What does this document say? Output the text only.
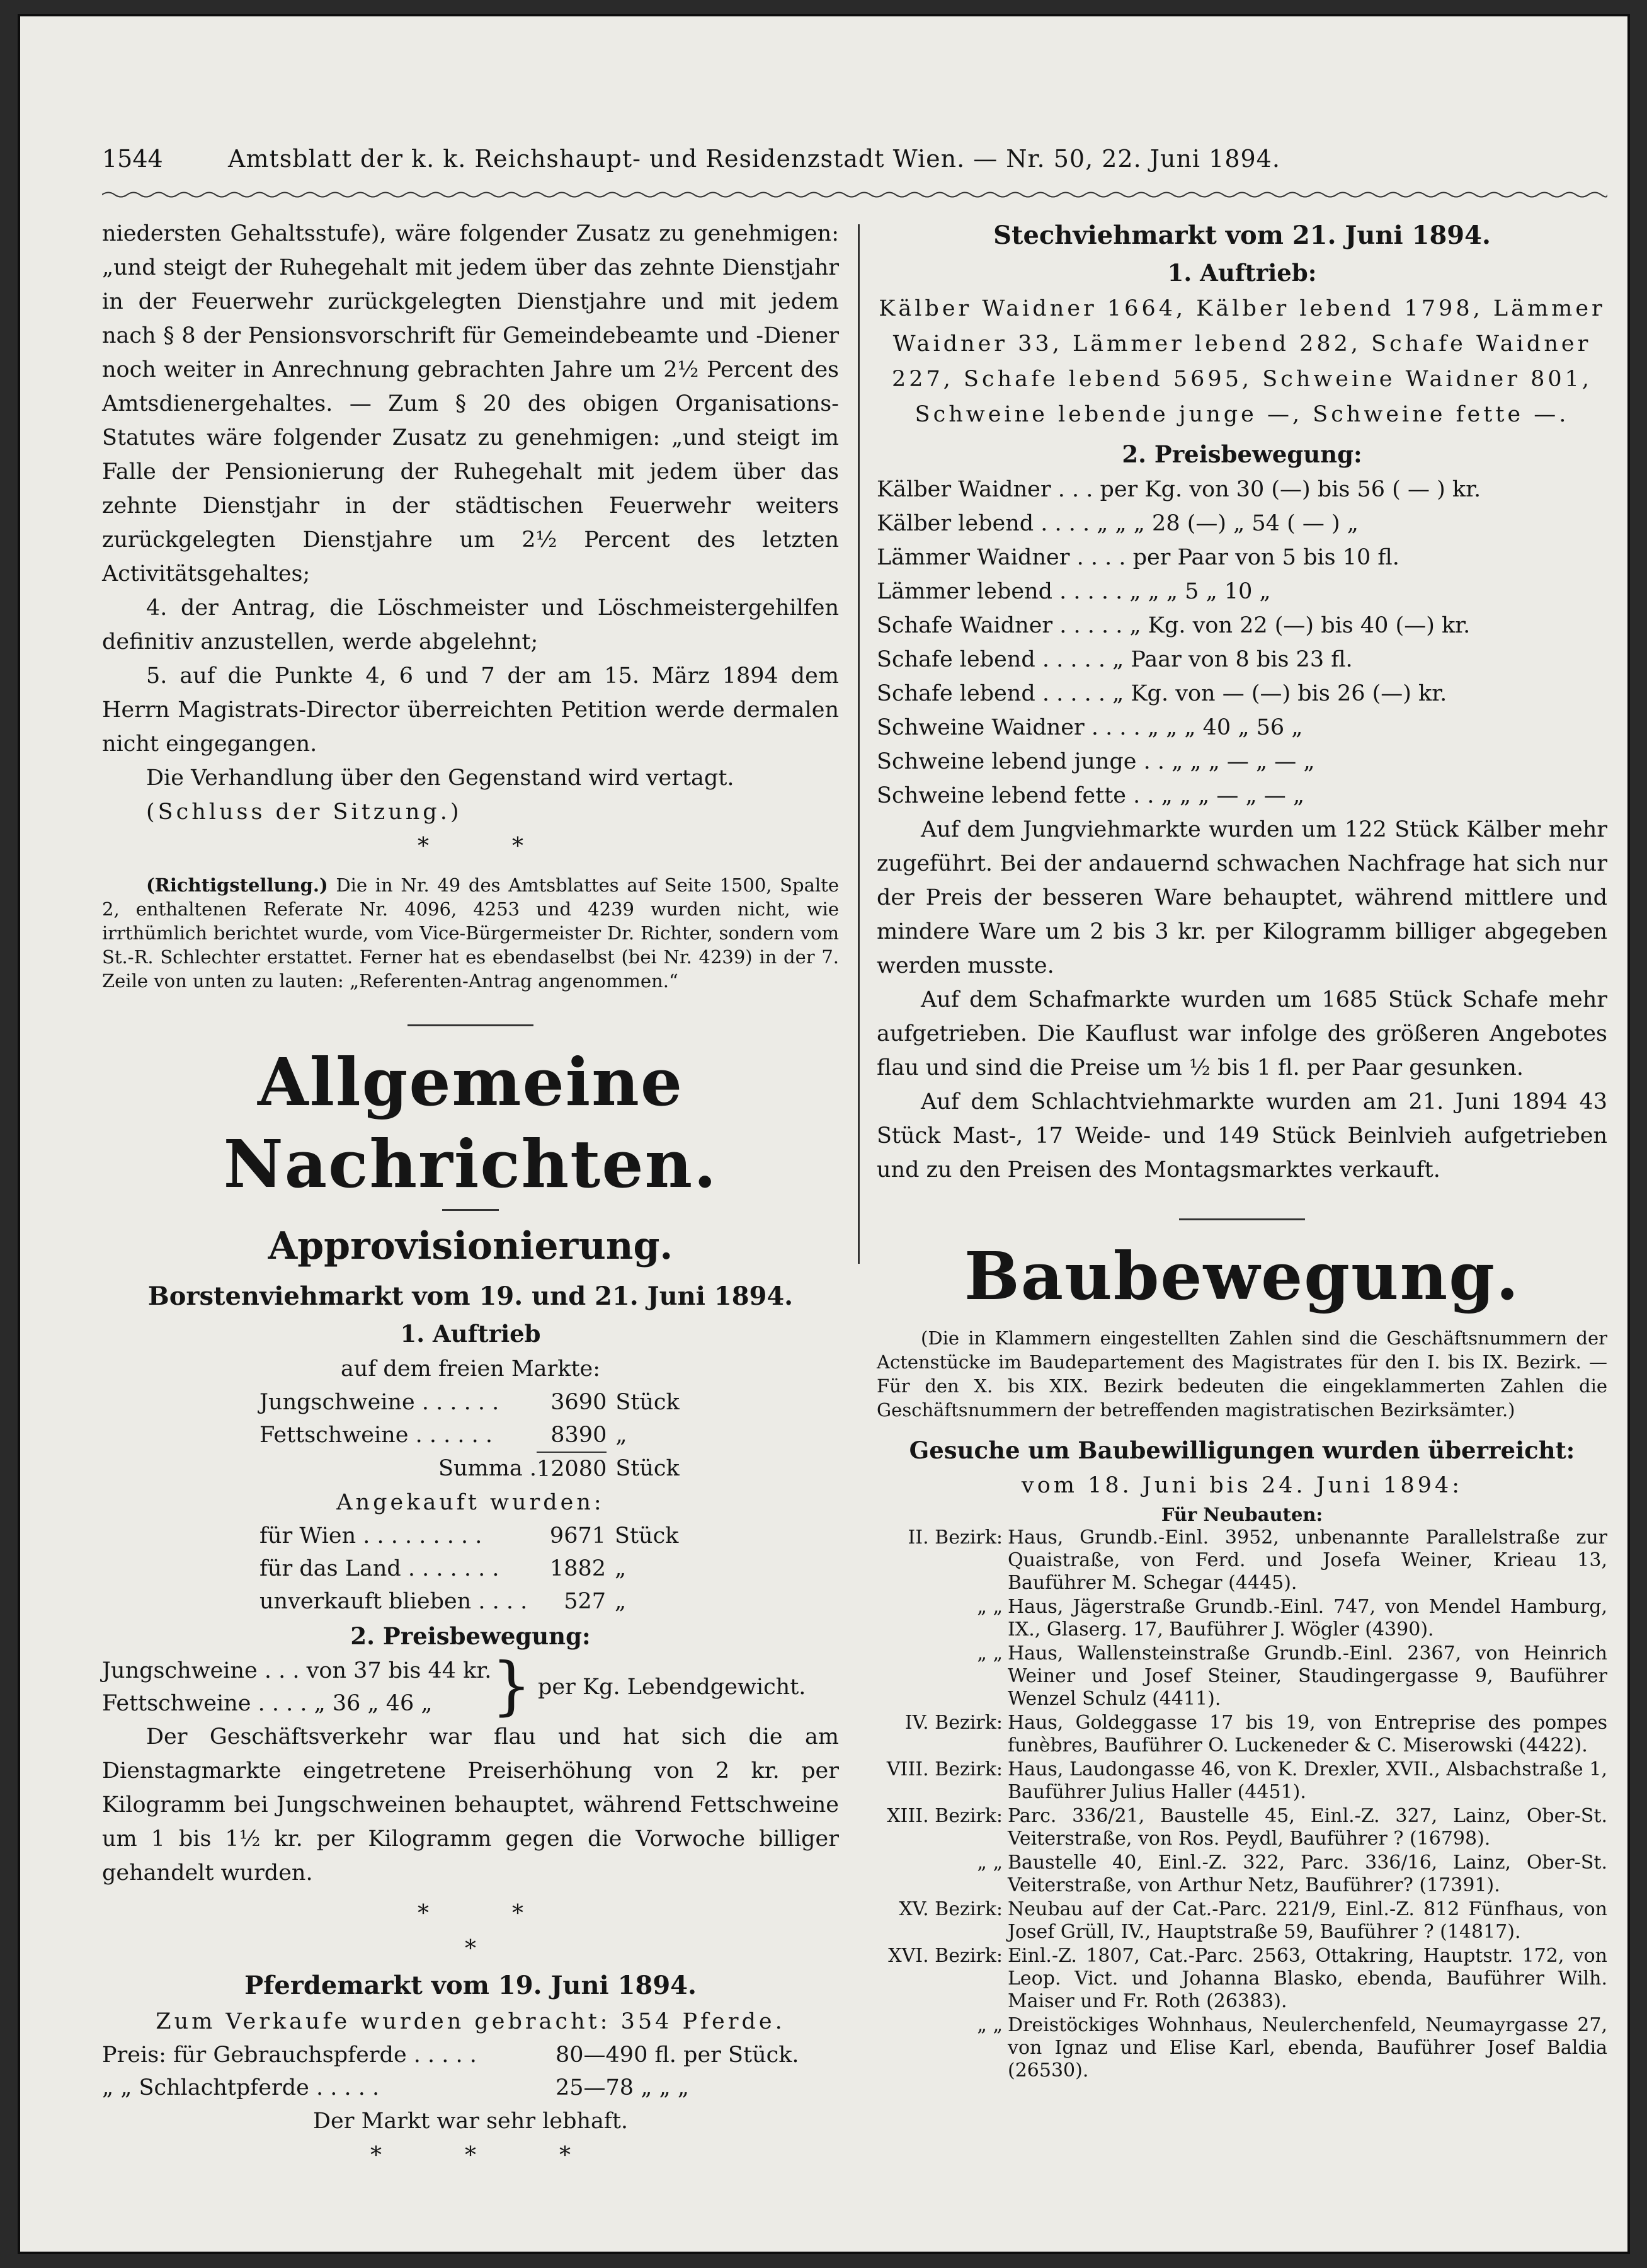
1544	Amtsblatt der k. k. Reichshaupt- und Residenzstadt Wien. — Nr. 50, 22. Juni 1894.

niedersten Gehaltsstufe), wäre folgender Zusatz zu genehmigen: „und steigt der Ruhegehalt mit jedem über das zehnte Dienstjahr in der Feuerwehr zurückgelegten Dienstjahre und mit jedem nach § 8 der Pensionsvorschrift für Gemeindebeamte und -Diener noch weiter in Anrechnung gebrachten Jahre um 2½ Percent des Amtsdienergehaltes. — Zum § 20 des obigen Organisations-Statutes wäre folgender Zusatz zu genehmigen: „und steigt im Falle der Pensionierung der Ruhegehalt mit jedem über das zehnte Dienstjahr in der städtischen Feuerwehr weiters zurückgelegten Dienstjahre um 2½ Percent des letzten Activitätsgehaltes;

4. der Antrag, die Löschmeister und Löschmeistergehilfen definitiv anzustellen, werde abgelehnt;

5. auf die Punkte 4, 6 und 7 der am 15. März 1894 dem Herrn Magistrats-Director überreichten Petition werde dermalen nicht eingegangen.

Die Verhandlung über den Gegenstand wird vertagt.

(Schluss der Sitzung.)

*	*

(Richtigstellung.) Die in Nr. 49 des Amtsblattes auf Seite 1500, Spalte 2, enthaltenen Referate Nr. 4096, 4253 und 4239 wurden nicht, wie irrthümlich berichtet wurde, vom Vice-Bürgermeister Dr. Richter, sondern vom St.-R. Schlechter erstattet. Ferner hat es ebendaselbst (bei Nr. 4239) in der 7. Zeile von unten zu lauten: „Referenten-Antrag angenommen.“

Allgemeine Nachrichten.
Approvisionierung.
Borstenviehmarkt vom 19. und 21. Juni 1894.
1. Auftrieb

auf dem freien Markte:

Jungschweine . . . . . .	3690	Stück
Fettschweine . . . . . .	8390	„
Summa .	12080	Stück

Angekauft wurden:

für Wien . . . . . . . . .	9671	Stück
für das Land . . . . . . .	1882	„
unverkauft blieben . . . .	527	„
2. Preisbewegung:
Jungschweine . . . von 37 bis 44 kr.
Fettschweine . . . . „ 36 „ 46 „	}	per Kg. Lebendgewicht.

Der Geschäftsverkehr war flau und hat sich die am Dienstagmarkte eingetretene Preiserhöhung von 2 kr. per Kilogramm bei Jungschweinen behauptet, während Fettschweine um 1 bis 1½ kr. per Kilogramm gegen die Vorwoche billiger gehandelt wurden.

*	*
*
Pferdemarkt vom 19. Juni 1894.

Zum Verkaufe wurden gebracht: 354 Pferde.

Preis: für Gebrauchspferde . . . . .	80—490 fl. per Stück.
„ „ Schlachtpferde . . . . .	25—78 „ „ „

Der Markt war sehr lebhaft.

*	*	*
Stechviehmarkt vom 21. Juni 1894.
1. Auftrieb:

Kälber Waidner 1664, Kälber lebend 1798, Lämmer Waidner 33, Lämmer lebend 282, Schafe Waidner 227, Schafe lebend 5695, Schweine Waidner 801, Schweine lebende junge —, Schweine fette —.

2. Preisbewegung:
Kälber Waidner . . . per Kg. von 30 (—) bis 56 ( — ) kr.
Kälber lebend . . . . „ „ „ 28 (—) „ 54 ( — ) „
Lämmer Waidner . . . . per Paar von 5 bis 10 fl.
Lämmer lebend . . . . . „ „ „ 5 „ 10 „
Schafe Waidner . . . . . „ Kg. von 22 (—) bis 40 (—) kr.
Schafe lebend . . . . . „ Paar von 8 bis 23 fl.
Schafe lebend . . . . . „ Kg. von — (—) bis 26 (—) kr.
Schweine Waidner . . . . „ „ „ 40 „ 56 „
Schweine lebend junge . . „ „ „ — „ — „
Schweine lebend fette . . „ „ „ — „ — „

Auf dem Jungviehmarkte wurden um 122 Stück Kälber mehr zugeführt. Bei der andauernd schwachen Nachfrage hat sich nur der Preis der besseren Ware behauptet, während mittlere und mindere Ware um 2 bis 3 kr. per Kilogramm billiger abgegeben werden musste.

Auf dem Schafmarkte wurden um 1685 Stück Schafe mehr aufgetrieben. Die Kauflust war infolge des größeren Angebotes flau und sind die Preise um ½ bis 1 fl. per Paar gesunken.

Auf dem Schlachtviehmarkte wurden am 21. Juni 1894 43 Stück Mast-, 17 Weide- und 149 Stück Beinlvieh aufgetrieben und zu den Preisen des Montagsmarktes verkauft.

Baubewegung.

(Die in Klammern eingestellten Zahlen sind die Geschäftsnummern der Actenstücke im Baudepartement des Magistrates für den I. bis IX. Bezirk. — Für den X. bis XIX. Bezirk bedeuten die eingeklammerten Zahlen die Geschäftsnummern der betreffenden magistratischen Bezirksämter.)

Gesuche um Baubewilligungen wurden überreicht:

vom 18. Juni bis 24. Juni 1894:

Für Neubauten:

II. Bezirk: Haus, Grundb.-Einl. 3952, unbenannte Parallelstraße zur Quaistraße, von Ferd. und Josefa Weiner, Krieau 13, Bauführer M. Schegar (4445).
„ „ Haus, Jägerstraße Grundb.-Einl. 747, von Mendel Hamburg, IX., Glaserg. 17, Bauführer J. Wögler (4390).
„ „ Haus, Wallensteinstraße Grundb.-Einl. 2367, von Heinrich Weiner und Josef Steiner, Staudingergasse 9, Bauführer Wenzel Schulz (4411).
IV. Bezirk: Haus, Goldeggasse 17 bis 19, von Entreprise des pompes funèbres, Bauführer O. Luckeneder & C. Miserowski (4422).
VIII. Bezirk: Haus, Laudongasse 46, von K. Drexler, XVII., Alsbachstraße 1, Bauführer Julius Haller (4451).
XIII. Bezirk: Parc. 336/21, Baustelle 45, Einl.-Z. 327, Lainz, Ober-St. Veiterstraße, von Ros. Peydl, Bauführer ? (16798).
„ „ Baustelle 40, Einl.-Z. 322, Parc. 336/16, Lainz, Ober-St. Veiterstraße, von Arthur Netz, Bauführer? (17391).
XV. Bezirk: Neubau auf der Cat.-Parc. 221/9, Einl.-Z. 812 Fünfhaus, von Josef Grüll, IV., Hauptstraße 59, Bauführer ? (14817).
XVI. Bezirk: Einl.-Z. 1807, Cat.-Parc. 2563, Ottakring, Hauptstr. 172, von Leop. Vict. und Johanna Blasko, ebenda, Bauführer Wilh. Maiser und Fr. Roth (26383).
„ „ Dreistöckiges Wohnhaus, Neulerchenfeld, Neumayrgasse 27, von Ignaz und Elise Karl, ebenda, Bauführer Josef Baldia (26530).
